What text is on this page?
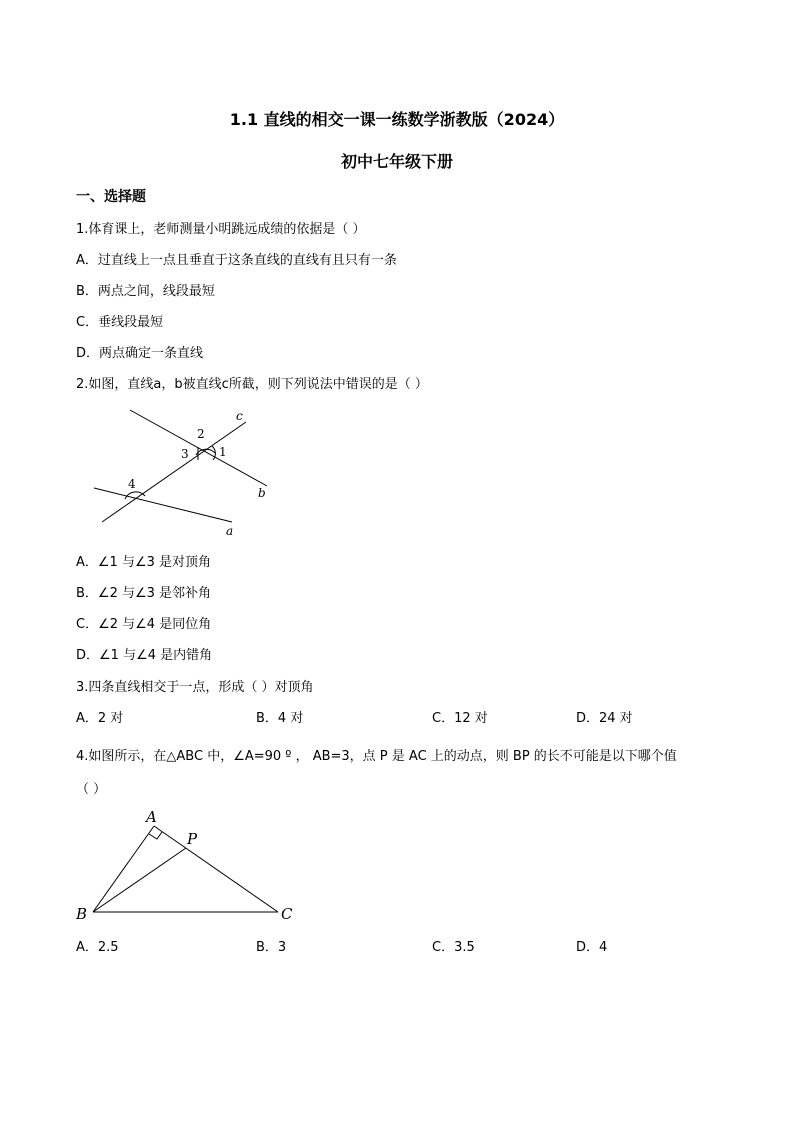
1.1 直线的相交一课一练数学浙教版（2024）
初中七年级下册
一、选择题
1.体育课上，老师测量小明跳远成绩的依据是（ ）
A．过直线上一点且垂直于这条直线的直线有且只有一条
B．两点之间，线段最短
C．垂线段最短
D．两点确定一条直线
2.如图，直线a，b被直线c所截，则下列说法中错误的是（ ）
c
2
3	1
b
4
a
A．∠1 与∠3 是对顶角
B．∠2 与∠3 是邻补角
C．∠2 与∠4 是同位角
D．∠1 与∠4 是内错角
3.四条直线相交于一点，形成（ ）对顶角
A．2 对	B．4 对	C．12 对	D．24 对
4.如图所示，在△ABC 中，∠A=90 º ， AB=3，点 P 是 AC 上的动点，则 BP 的长不可能是以下哪个值
（ ）
A
P
B	C
A．2.5	B．3	C．3.5	D．4
